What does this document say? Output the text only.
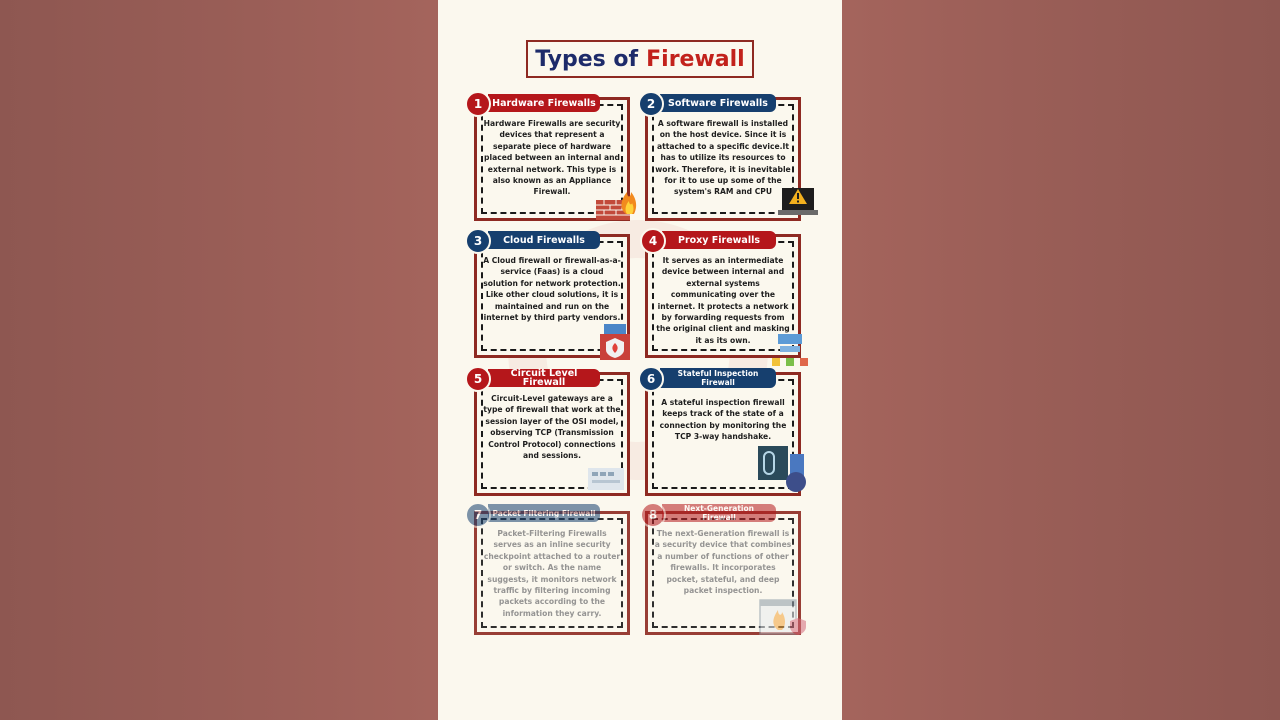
Types of Firewall
Hardware Firewalls are security devices that represent a separate piece of hardware placed between an internal and external network. This type is also known as an Appliance Firewall.
1	Hardware Firewalls
A software firewall is installed on the host device. Since it is attached to a specific device.It has to utilize its resources to work. Therefore, it is inevitable for it to use up some of the system's RAM and CPU
2	Software Firewalls
A Cloud firewall or firewall-as-a-service (Faas) is a cloud solution for network protection. Like other cloud solutions, it is maintained and run on the internet by third party vendors.
3	Cloud Firewalls
It serves as an intermediate device between internal and external systems communicating over the internet. It protects a network by forwarding requests from the original client and masking it as its own.
4	Proxy Firewalls
Circuit-Level gateways are a type of firewall that work at the session layer of the OSI model, observing TCP (Transmission Control Protocol) connections and sessions.
5	Circuit Level Firewall
A stateful inspection firewall keeps track of the state of a connection by monitoring the TCP 3-way handshake.
6	Stateful Inspection Firewall
Packet-Filtering Firewalls serves as an inline security checkpoint attached to a router or switch. As the name suggests, it monitors network traffic by filtering incoming packets according to the information they carry.
7	Packet Filtering Firewall
The next-Generation firewall is a security device that combines a number of functions of other firewalls. It incorporates pocket, stateful, and deep packet inspection.
8	Next-Generation Firewall
